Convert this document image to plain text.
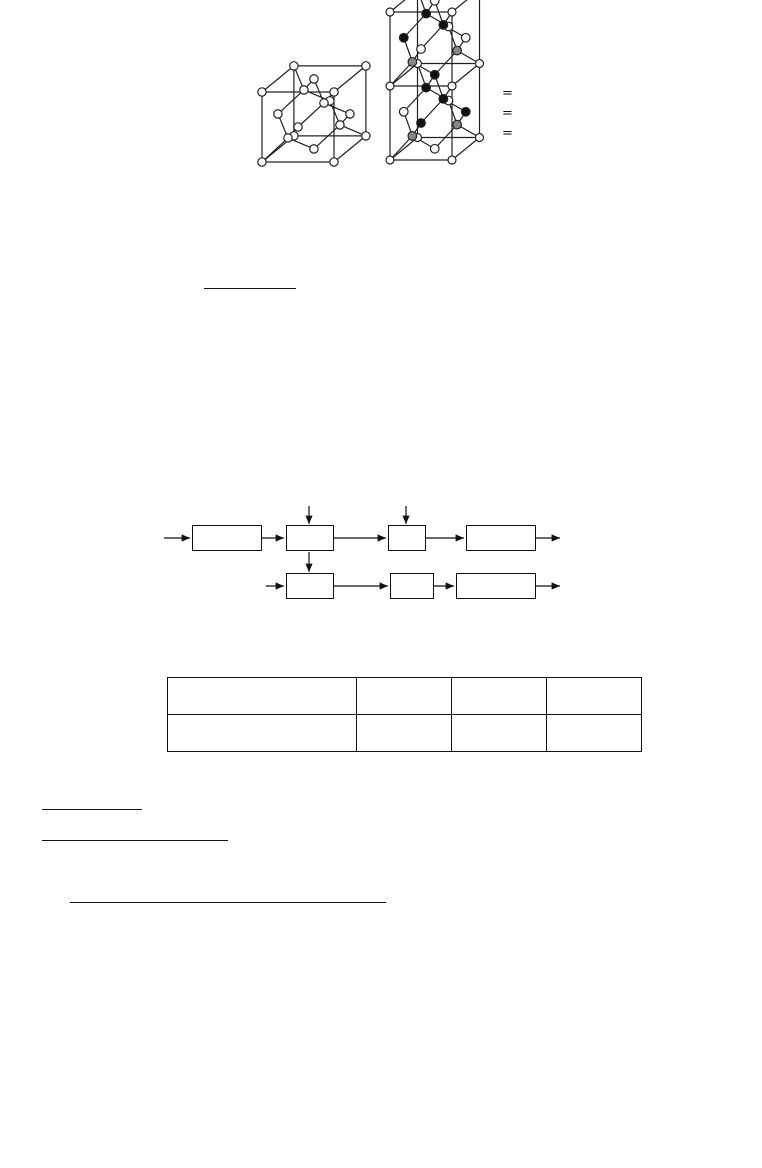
=
=
=
